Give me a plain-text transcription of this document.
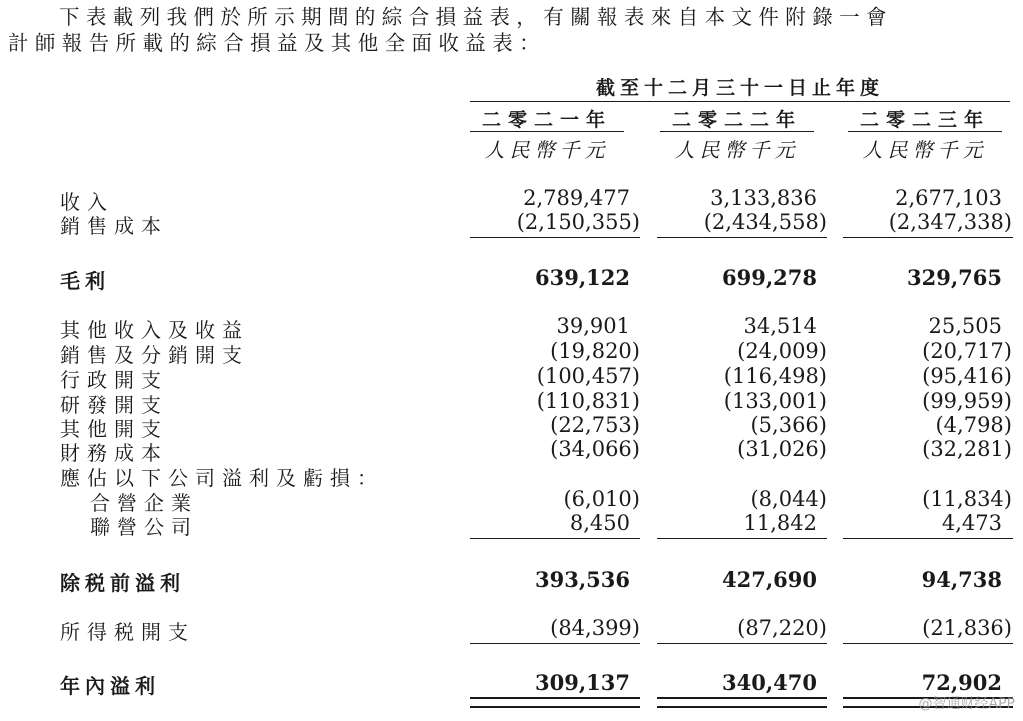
下表載列我們於所示期間的綜合損益表，有關報表來自本文件附錄一會
計師報告所載的綜合損益及其他全面收益表：
截至十二月三十一日止年度
二零二一年	二零二二年	二零二三年
人民幣千元	人民幣千元	人民幣千元
收入	2,789,477	3,133,836	2,677,103
銷售成本	(2,150,355)	(2,434,558)	(2,347,338)
毛利	639,122	699,278	329,765
其他收入及收益	39,901	34,514	25,505
銷售及分銷開支	(19,820)	(24,009)	(20,717)
行政開支	(100,457)	(116,498)	(95,416)
研發開支	(110,831)	(133,001)	(99,959)
其他開支	(22,753)	(5,366)	(4,798)
財務成本	(34,066)	(31,026)	(32,281)
應佔以下公司溢利及虧損：
合營企業	(6,010)	(8,044)	(11,834)
聯營公司	8,450	11,842	4,473
除税前溢利	393,536	427,690	94,738
所得税開支	(84,399)	(87,220)	(21,836)
年內溢利	309,137	340,470	72,902
@智通财经APP
